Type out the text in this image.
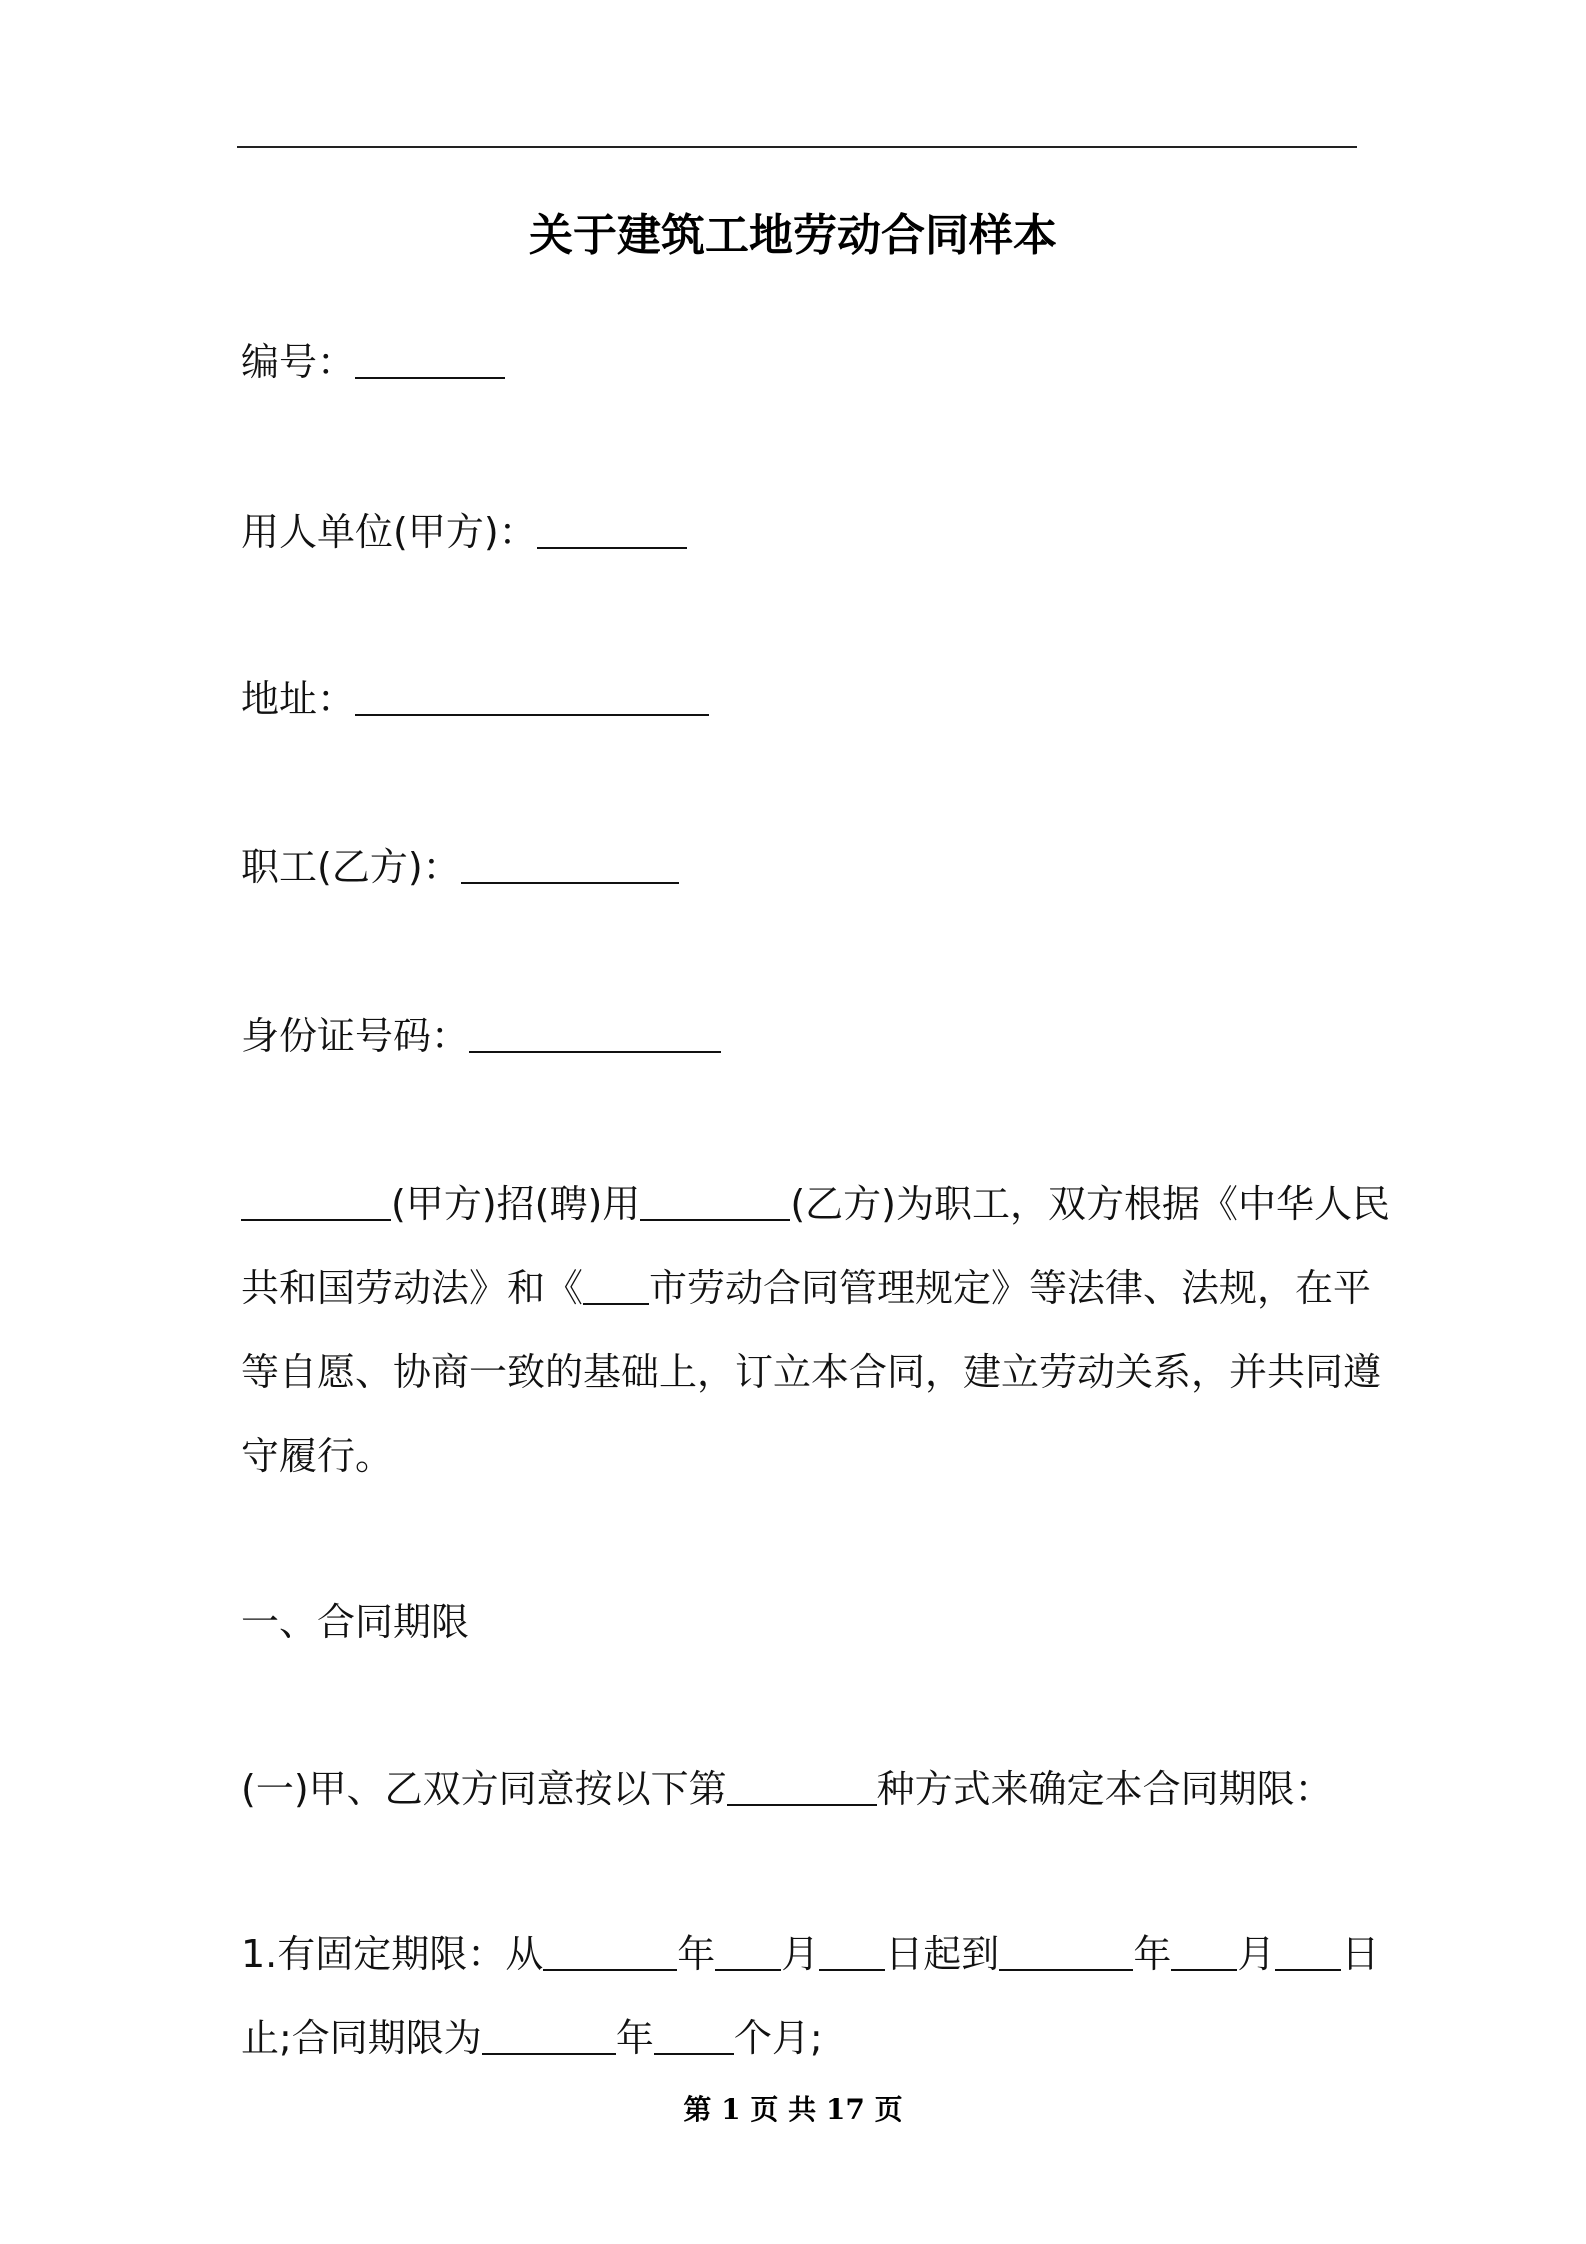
关于建筑工地劳动合同样本
编号：
用人单位(甲方)：
地址：
职工(乙方)：
身份证号码：
(甲方)招(聘)用	(乙方)为职工，双方根据《中华人民
共和国劳动法》和《 市劳动合同管理规定》等法律、法规，在平
等自愿、协商一致的基础上，订立本合同，建立劳动关系，并共同遵
守履行。
一、合同期限
(一)甲、乙双方同意按以下第	种方式来确定本合同期限：
1.有固定期限：从	年 月 日起到	年 月 日
止;合同期限为	年 个月;
第 1 页 共 17 页
